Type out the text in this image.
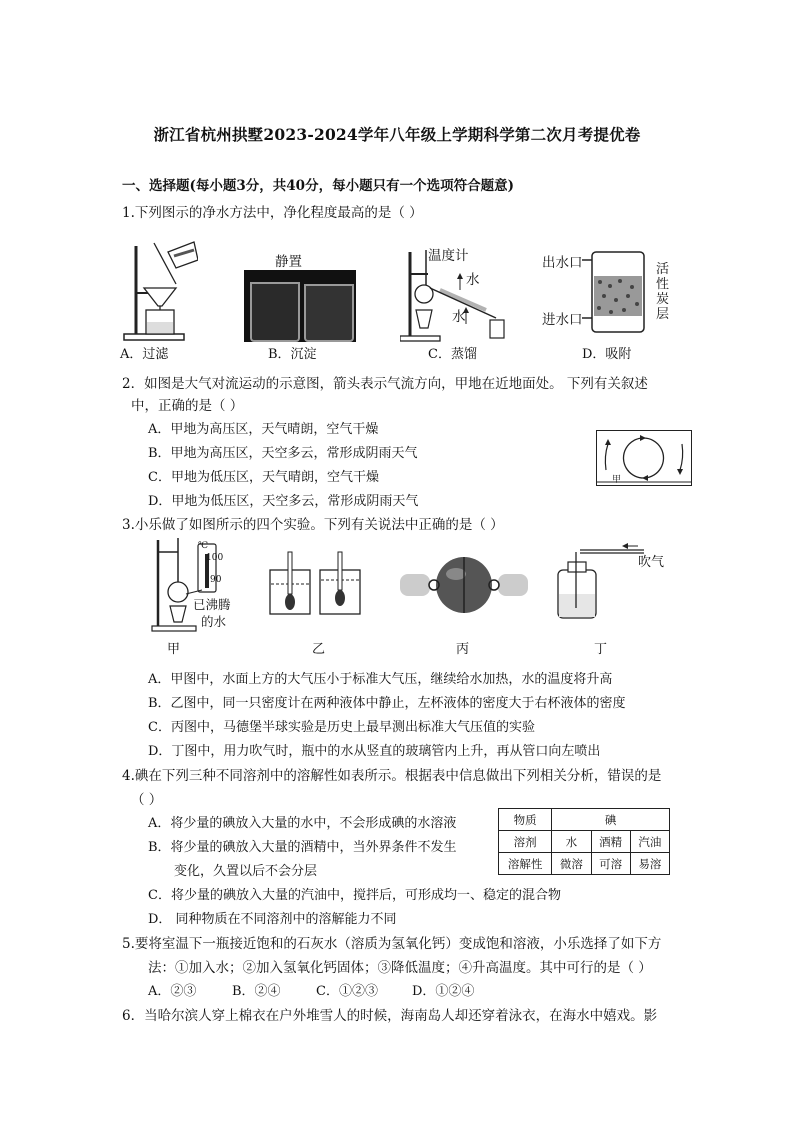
浙江省杭州拱墅2023-2024学年八年级上学期科学第二次月考提优卷
一、选择题(每小题3分，共40分，每小题只有一个选项符合题意)
1.下列图示的净水方法中，净化程度最高的是（ ）
A．过滤
静置
B．沉淀
温度计
水
水
C．蒸馏
出水口
进水口
活
性
炭
层
D．吸附
2．如图是大气对流运动的示意图，箭头表示气流方向，甲地在近地面处。 下列有关叙述
中，正确的是（ ）
A．甲地为高压区，天气晴朗，空气干燥
B．甲地为高压区，天空多云，常形成阴雨天气
C．甲地为低压区，天气晴朗，空气干燥
D．甲地为低压区，天空多云，常形成阴雨天气
甲
3.小乐做了如图所示的四个实验。下列有关说法中正确的是（ ）
℃
100
90
已沸腾
的水
甲	乙	丙
吹气
丁
A．甲图中，水面上方的大气压小于标准大气压，继续给水加热，水的温度将升高
B．乙图中，同一只密度计在两种液体中静止，左杯液体的密度大于右杯液体的密度
C．丙图中，马德堡半球实验是历史上最早测出标准大气压值的实验
D．丁图中，用力吹气时，瓶中的水从竖直的玻璃管内上升，再从管口向左喷出
4.碘在下列三种不同溶剂中的溶解性如表所示。根据表中信息做出下列相关分析，错误的是
（ ）
A．将少量的碘放入大量的水中，不会形成碘的水溶液
B．将少量的碘放入大量的酒精中，当外界条件不发生
变化，久置以后不会分层
C．将少量的碘放入大量的汽油中，搅拌后，可形成均一、稳定的混合物
D． 同种物质在不同溶剂中的溶解能力不同
物质	碘		
溶剂	水	酒精	汽油
溶解性	微溶	可溶	易溶
5.要将室温下一瓶接近饱和的石灰水（溶质为氢氧化钙）变成饱和溶液，小乐选择了如下方
法：①加入水；②加入氢氧化钙固体；③降低温度；④升高温度。其中可行的是（ ）
A．②③	B．②④	C．①②③	D．①②④
6．当哈尔滨人穿上棉衣在户外堆雪人的时候，海南岛人却还穿着泳衣，在海水中嬉戏。影
